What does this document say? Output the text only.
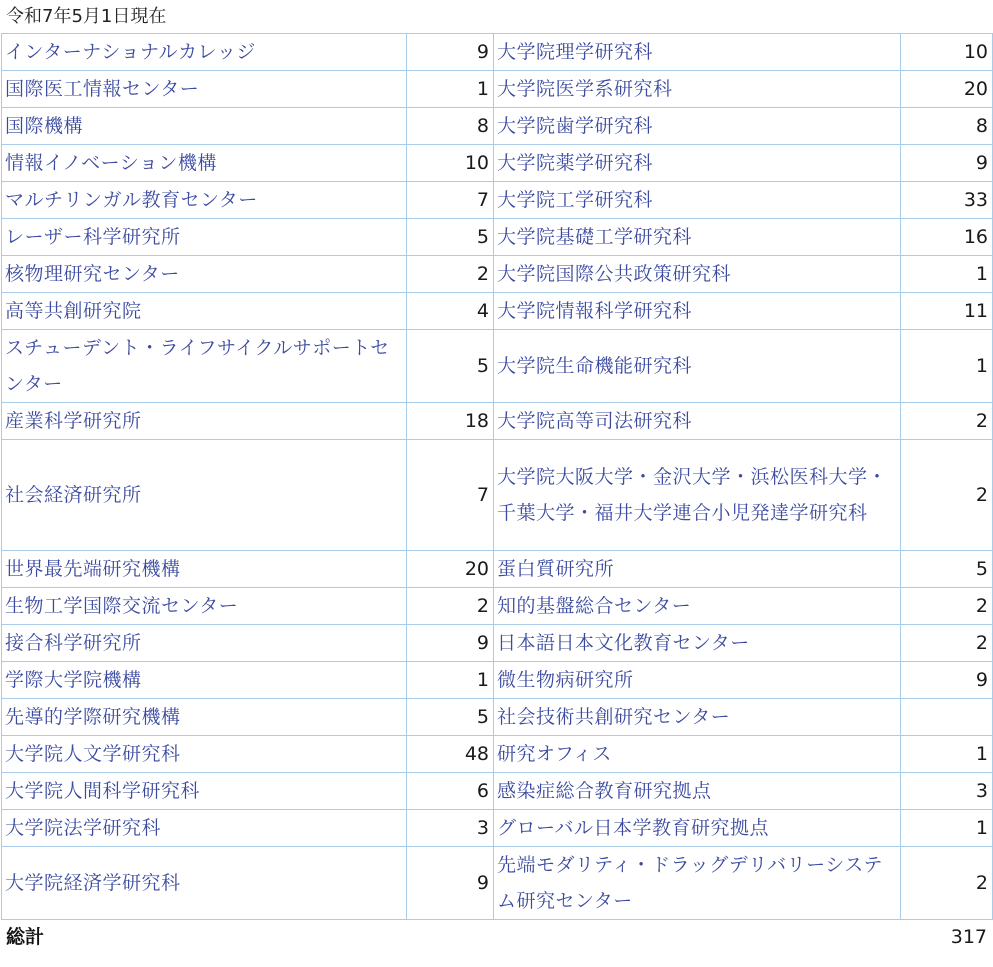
令和7年5月1日現在
インターナショナルカレッジ	9	大学院理学研究科	10
国際医工情報センター	1	大学院医学系研究科	20
国際機構	8	大学院歯学研究科	8
情報イノベーション機構	10	大学院薬学研究科	9
マルチリンガル教育センター	7	大学院工学研究科	33
レーザー科学研究所	5	大学院基礎工学研究科	16
核物理研究センター	2	大学院国際公共政策研究科	1
高等共創研究院	4	大学院情報科学研究科	11
スチューデント・ライフサイクルサポートセンター	5	大学院生命機能研究科	1
産業科学研究所	18	大学院高等司法研究科	2
社会経済研究所	7	大学院大阪大学・金沢大学・浜松医科大学・千葉大学・福井大学連合小児発達学研究科	2
世界最先端研究機構	20	蛋白質研究所	5
生物工学国際交流センター	2	知的基盤総合センター	2
接合科学研究所	9	日本語日本文化教育センター	2
学際大学院機構	1	微生物病研究所	9
先導的学際研究機構	5	社会技術共創研究センター	
大学院人文学研究科	48	研究オフィス	1
大学院人間科学研究科	6	感染症総合教育研究拠点	3
大学院法学研究科	3	グローバル日本学教育研究拠点	1
大学院経済学研究科	9	先端モダリティ・ドラッグデリバリーシステム研究センター	2
総計	317
